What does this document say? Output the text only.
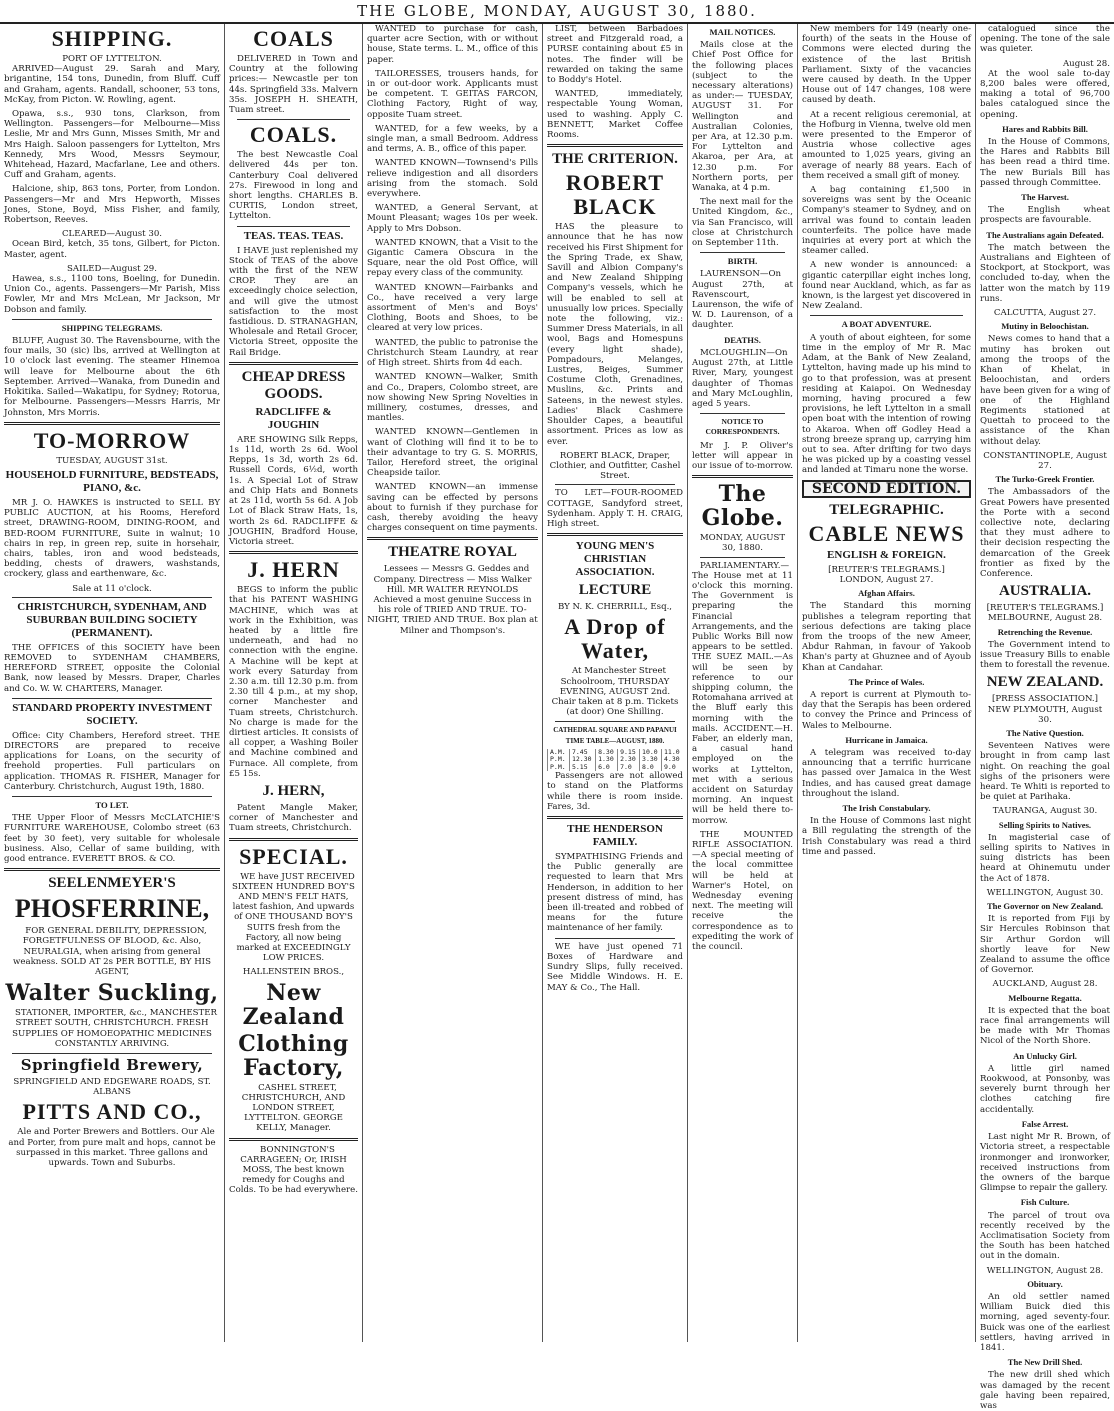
THE GLOBE, MONDAY, AUGUST 30, 1880.
SHIPPING.
PORT OF LYTTELTON.

ARRIVED—August 29. Sarah and Mary, brigantine, 154 tons, Dunedin, from Bluff. Cuff and Graham, agents. Randall, schooner, 53 tons, McKay, from Picton. W. Rowling, agent.

Opawa, s.s., 930 tons, Clarkson, from Wellington. Passengers—for Melbourne—Miss Leslie, Mr and Mrs Gunn, Misses Smith, Mr and Mrs Haigh. Saloon passengers for Lyttelton, Mrs Kennedy, Mrs Wood, Messrs Seymour, Whitehead, Hazard, Macfarlane, Lee and others. Cuff and Graham, agents.

Halcione, ship, 863 tons, Porter, from London. Passengers—Mr and Mrs Hepworth, Misses Jones, Stone, Boyd, Miss Fisher, and family, Robertson, Reeves.

CLEARED—August 30.

Ocean Bird, ketch, 35 tons, Gilbert, for Picton. Master, agent.

SAILED—August 29.

Hawea, s.s., 1100 tons, Boeling, for Dunedin. Union Co., agents. Passengers—Mr Parish, Miss Fowler, Mr and Mrs McLean, Mr Jackson, Mr Dobson and family.

SHIPPING TELEGRAMS.

BLUFF, August 30. The Ravensbourne, with the four mails, 30 (sic) lbs, arrived at Wellington at 10 o'clock last evening. The steamer Hinemoa will leave for Melbourne about the 6th September. Arrived—Wanaka, from Dunedin and Hokitika. Sailed—Wakatipu, for Sydney; Rotorua, for Melbourne. Passengers—Messrs Harris, Mr Johnston, Mrs Morris.

TO-MORROW
TUESDAY, AUGUST 31st.
HOUSEHOLD FURNITURE, BEDSTEADS, PIANO, &c.

MR J. O. HAWKES is instructed to SELL BY PUBLIC AUCTION, at his Rooms, Hereford street, DRAWING-ROOM, DINING-ROOM, and BED-ROOM FURNITURE, Suite in walnut; 10 chairs in rep, in green rep, suite in horsehair, chairs, tables, iron and wood bedsteads, bedding, chests of drawers, washstands, crockery, glass and earthenware, &c.

Sale at 11 o'clock.
CHRISTCHURCH, SYDENHAM, AND SUBURBAN BUILDING SOCIETY (PERMANENT).

THE OFFICES of this SOCIETY have been REMOVED to SYDENHAM CHAMBERS, HEREFORD STREET, opposite the Colonial Bank, now leased by Messrs. Draper, Charles and Co. W. W. CHARTERS, Manager.

STANDARD PROPERTY INVESTMENT SOCIETY.

Office: City Chambers, Hereford street. THE DIRECTORS are prepared to receive applications for Loans, on the security of freehold properties. Full particulars on application. THOMAS R. FISHER, Manager for Canterbury. Christchurch, August 19th, 1880.

TO LET.

THE Upper Floor of Messrs McCLATCHIE'S FURNITURE WAREHOUSE, Colombo street (63 feet by 30 feet), very suitable for wholesale business. Also, Cellar of same building, with good entrance. EVERETT BROS. & CO.

SEELENMEYER'S
PHOSFERRINE,

FOR GENERAL DEBILITY, DEPRESSION, FORGETFULNESS OF BLOOD, &c. Also, NEURALGIA, when arising from general weakness. SOLD AT 2s PER BOTTLE, BY HIS AGENT,

Walter Suckling,

STATIONER, IMPORTER, &c., MANCHESTER STREET SOUTH, CHRISTCHURCH. FRESH SUPPLIES OF HOMOEOPATHIC MEDICINES CONSTANTLY ARRIVING.

Springfield Brewery,
SPRINGFIELD AND EDGEWARE ROADS, ST. ALBANS
PITTS AND CO.,

Ale and Porter Brewers and Bottlers. Our Ale and Porter, from pure malt and hops, cannot be surpassed in this market. Three gallons and upwards. Town and Suburbs.

COALS

DELIVERED in Town and Country at the following prices:— Newcastle per ton 44s. Springfield 33s. Malvern 35s. JOSEPH H. SHEATH, Tuam street.

COALS.

The best Newcastle Coal delivered 44s per ton. Canterbury Coal delivered 27s. Firewood in long and short lengths. CHARLES B. CURTIS, London street, Lyttelton.

TEAS. TEAS. TEAS.

I HAVE just replenished my Stock of TEAS of the above with the first of the NEW CROP. They are an exceedingly choice selection, and will give the utmost satisfaction to the most fastidious. D. STRANAGHAN, Wholesale and Retail Grocer, Victoria Street, opposite the Rail Bridge.

CHEAP DRESS GOODS.
RADCLIFFE & JOUGHIN

ARE SHOWING Silk Repps, 1s 11d, worth 2s 6d. Wool Repps, 1s 3d, worth 2s 6d. Russell Cords, 6½d, worth 1s. A Special Lot of Straw and Chip Hats and Bonnets at 2s 11d, worth 5s 6d. A Job Lot of Black Straw Hats, 1s, worth 2s 6d. RADCLIFFE & JOUGHIN, Bradford House, Victoria street.

J. HERN

BEGS to inform the public that his PATENT WASHING MACHINE, which was at work in the Exhibition, was heated by a little fire underneath, and had no connection with the engine. A Machine will be kept at work every Saturday from 2.30 a.m. till 12.30 p.m. from 2.30 till 4 p.m., at my shop, corner Manchester and Tuam streets, Christchurch. No charge is made for the dirtiest articles. It consists of all copper, a Washing Boiler and Machine combined and Furnace. All complete, from £5 15s.

J. HERN,

Patent Mangle Maker, corner of Manchester and Tuam streets, Christchurch.

SPECIAL.

WE have JUST RECEIVED SIXTEEN HUNDRED BOY'S AND MEN'S FELT HATS, latest fashion, And upwards of ONE THOUSAND BOY'S SUITS fresh from the Factory, all now being marked at EXCEEDINGLY LOW PRICES.

HALLENSTEIN BROS.,
New Zealand
Clothing Factory,

CASHEL STREET, CHRISTCHURCH, AND LONDON STREET, LYTTELTON. GEORGE KELLY, Manager.

BONNINGTON'S CARRAGEEN; Or, IRISH MOSS, The best known remedy for Coughs and Colds. To be had everywhere.

WANTED to purchase for cash, quarter acre Section, with or without house, State terms. L. M., office of this paper.

TAILORESSES, trousers hands, for in or out-door work. Applicants must be competent. T. GEITAS FARCON, Clothing Factory, Right of way, opposite Tuam street.

WANTED, for a few weeks, by a single man, a small Bedroom. Address and terms, A. B., office of this paper.

WANTED KNOWN—Townsend's Pills relieve indigestion and all disorders arising from the stomach. Sold everywhere.

WANTED, a General Servant, at Mount Pleasant; wages 10s per week. Apply to Mrs Dobson.

WANTED KNOWN, that a Visit to the Gigantic Camera Obscura in the Square, near the old Post Office, will repay every class of the community.

WANTED KNOWN—Fairbanks and Co., have received a very large assortment of Men's and Boys' Clothing, Boots and Shoes, to be cleared at very low prices.

WANTED, the public to patronise the Christchurch Steam Laundry, at rear of High street. Shirts from 4d each.

WANTED KNOWN—Walker, Smith and Co., Drapers, Colombo street, are now showing New Spring Novelties in millinery, costumes, dresses, and mantles.

WANTED KNOWN—Gentlemen in want of Clothing will find it to be to their advantage to try G. S. MORRIS, Tailor, Hereford street, the original Cheapside tailor.

WANTED KNOWN—an immense saving can be effected by persons about to furnish if they purchase for cash, thereby avoiding the heavy charges consequent on time payments.

THEATRE ROYAL

Lessees — Messrs G. Geddes and Company. Directress — Miss Walker Hill. MR WALTER REYNOLDS Achieved a most genuine Success in his role of TRIED AND TRUE. TO-NIGHT, TRIED AND TRUE. Box plan at Milner and Thompson's.

LIST, between Barbadoes street and Fitzgerald road, a PURSE containing about £5 in notes. The finder will be rewarded on taking the same to Boddy's Hotel.

WANTED, immediately, respectable Young Woman, used to washing. Apply C. BENNETT, Market Coffee Rooms.

THE CRITERION.
ROBERT BLACK

HAS the pleasure to announce that he has now received his First Shipment for the Spring Trade, ex Shaw, Savill and Albion Company's and New Zealand Shipping Company's vessels, which he will be enabled to sell at unusually low prices. Specially note the following, viz.: Summer Dress Materials, in all wool, Bags and Homespuns (every light shade), Pompadours, Melanges, Lustres, Beiges, Summer Costume Cloth, Grenadines, Muslins, &c. Prints and Sateens, in the newest styles. Ladies' Black Cashmere Shoulder Capes, a beautiful assortment. Prices as low as ever.

ROBERT BLACK, Draper, Clothier, and Outfitter, Cashel Street.

TO LET—FOUR-ROOMED COTTAGE, Sandyford street, Sydenham. Apply T. H. CRAIG, High street.

YOUNG MEN'S CHRISTIAN ASSOCIATION.
LECTURE
BY N. K. CHERRILL, Esq.,
A Drop of Water,

At Manchester Street Schoolroom, THURSDAY EVENING, AUGUST 2nd. Chair taken at 8 p.m. Tickets (at door) One Shilling.

CATHEDRAL SQUARE AND PAPANUI TIME TABLE—AUGUST, 1880.
A.M.	7.45	8.30	9.15	10.0	11.0
P.M.	12.30	1.30	2.30	3.30	4.30
P.M.	5.15	6.0	7.0	8.0	9.0

Passengers are not allowed to stand on the Platforms while there is room inside. Fares, 3d.

THE HENDERSON FAMILY.

SYMPATHISING Friends and the Public generally are requested to learn that Mrs Henderson, in addition to her present distress of mind, has been ill-treated and robbed of means for the future maintenance of her family.

WE have just opened 71 Boxes of Hardware and Sundry Slips, fully received. See Middle Windows. H. E. MAY & Co., The Hall.

MAIL NOTICES.

Mails close at the Chief Post Office for the following places (subject to the necessary alterations) as under:— TUESDAY, AUGUST 31. For Wellington and Australian Colonies, per Ara, at 12.30 p.m. For Lyttelton and Akaroa, per Ara, at 12.30 p.m. For Northern ports, per Wanaka, at 4 p.m.

The next mail for the United Kingdom, &c., via San Francisco, will close at Christchurch on September 11th.

BIRTH.

LAURENSON—On August 27th, at Ravenscourt, Laurenson, the wife of W. D. Laurenson, of a daughter.

DEATHS.

MCLOUGHLIN—On August 27th, at Little River, Mary, youngest daughter of Thomas and Mary McLoughlin, aged 5 years.

NOTICE TO CORRESPONDENTS.

Mr J. P. Oliver's letter will appear in our issue of to-morrow.

The Globe.
MONDAY, AUGUST 30, 1880.

PARLIAMENTARY.—The House met at 11 o'clock this morning. The Government is preparing the Financial Arrangements, and the Public Works Bill now appears to be settled. THE SUEZ MAIL.—As will be seen by reference to our shipping column, the Rotomahana arrived at the Bluff early this morning with the mails. ACCIDENT.—H. Faber, an elderly man, a casual hand employed on the works at Lyttelton, met with a serious accident on Saturday morning. An inquest will be held there to-morrow.

THE MOUNTED RIFLE ASSOCIATION.—A special meeting of the local committee will be held at Warner's Hotel, on Wednesday evening next. The meeting will receive the correspondence as to expediting the work of the council.

New members for 149 (nearly one-fourth) of the seats in the House of Commons were elected during the existence of the last British Parliament. Sixty of the vacancies were caused by death. In the Upper House out of 147 changes, 108 were caused by death.

At a recent religious ceremonial, at the Hofburg in Vienna, twelve old men were presented to the Emperor of Austria whose collective ages amounted to 1,025 years, giving an average of nearly 88 years. Each of them received a small gift of money.

A bag containing £1,500 in sovereigns was sent by the Oceanic Company's steamer to Sydney, and on arrival was found to contain leaden counterfeits. The police have made inquiries at every port at which the steamer called.

A new wonder is announced: a gigantic caterpillar eight inches long, found near Auckland, which, as far as known, is the largest yet discovered in New Zealand.

A BOAT ADVENTURE.

A youth of about eighteen, for some time in the employ of Mr R. Mac Adam, at the Bank of New Zealand, Lyttelton, having made up his mind to go to that profession, was at present residing at Kaiapoi. On Wednesday morning, having procured a few provisions, he left Lyttelton in a small open boat with the intention of rowing to Akaroa. When off Godley Head a strong breeze sprang up, carrying him out to sea. After drifting for two days he was picked up by a coasting vessel and landed at Timaru none the worse.

SECOND EDITION.
TELEGRAPHIC.
CABLE NEWS
ENGLISH & FOREIGN.
[REUTER'S TELEGRAMS.]
LONDON, August 27.
Afghan Affairs.

The Standard this morning publishes a telegram reporting that serious defections are taking place from the troops of the new Ameer, Abdur Rahman, in favour of Yakoob Khan's party at Ghuznee and of Ayoub Khan at Candahar.

The Prince of Wales.

A report is current at Plymouth to-day that the Serapis has been ordered to convey the Prince and Princess of Wales to Melbourne.

Hurricane in Jamaica.

A telegram was received to-day announcing that a terrific hurricane has passed over Jamaica in the West Indies, and has caused great damage throughout the island.

The Irish Constabulary.

In the House of Commons last night a Bill regulating the strength of the Irish Constabulary was read a third time and passed.

catalogued since the opening. The tone of the sale was quieter.

August 28.

At the wool sale to-day 8,200 bales were offered, making a total of 96,700 bales catalogued since the opening.

Hares and Rabbits Bill.

In the House of Commons, the Hares and Rabbits Bill has been read a third time. The new Burials Bill has passed through Committee.

The Harvest.

The English wheat prospects are favourable.

The Australians again Defeated.

The match between the Australians and Eighteen of Stockport, at Stockport, was concluded to-day, when the latter won the match by 119 runs.

CALCUTTA, August 27.
Mutiny in Beloochistan.

News comes to hand that a mutiny has broken out among the troops of the Khan of Khelat, in Beloochistan, and orders have been given for a wing of one of the Highland Regiments stationed at Quettah to proceed to the assistance of the Khan without delay.

CONSTANTINOPLE, August 27.
The Turko-Greek Frontier.

The Ambassadors of the Great Powers have presented the Porte with a second collective note, declaring that they must adhere to their decision respecting the demarcation of the Greek frontier as fixed by the Conference.

AUSTRALIA.
[REUTER'S TELEGRAMS.]
MELBOURNE, August 28.
Retrenching the Revenue.

The Government intend to issue Treasury Bills to enable them to forestall the revenue.

NEW ZEALAND.
[PRESS ASSOCIATION.]
NEW PLYMOUTH, August 30.
The Native Question.

Seventeen Natives were brought in from camp last night. On reaching the goal sighs of the prisoners were heard. Te Whiti is reported to be quiet at Parihaka.

TAURANGA, August 30.
Selling Spirits to Natives.

In magisterial case of selling spirits to Natives in suing districts has been heard at Ohinemutu under the Act of 1878.

WELLINGTON, August 30.
The Governor on New Zealand.

It is reported from Fiji by Sir Hercules Robinson that Sir Arthur Gordon will shortly leave for New Zealand to assume the office of Governor.

AUCKLAND, August 28.
Melbourne Regatta.

It is expected that the boat race final arrangements will be made with Mr Thomas Nicol of the North Shore.

An Unlucky Girl.

A little girl named Rookwood, at Ponsonby, was severely burnt through her clothes catching fire accidentally.

False Arrest.

Last night Mr R. Brown, of Victoria street, a respectable ironmonger and ironworker, received instructions from the owners of the barque Glimpse to repair the gallery.

Fish Culture.

The parcel of trout ova recently received by the Acclimatisation Society from the South has been hatched out in the domain.

WELLINGTON, August 28.
Obituary.

An old settler named William Buick died this morning, aged seventy-four. Buick was one of the earliest settlers, having arrived in 1841.

The New Drill Shed.

The new drill shed which was damaged by the recent gale having been repaired, was
